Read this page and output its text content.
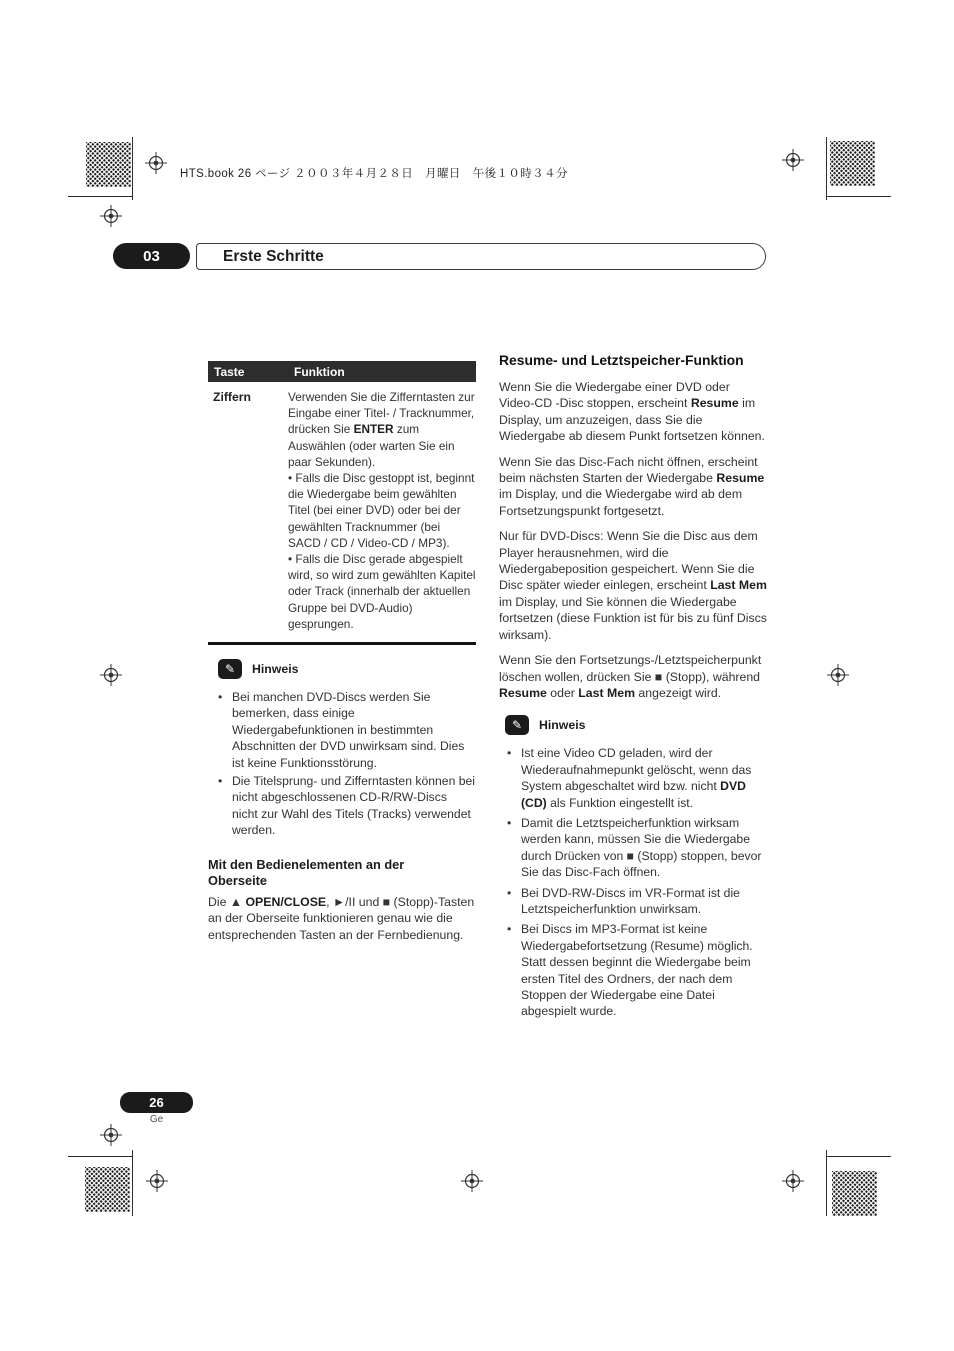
HTS.book 26 ページ ２００３年４月２８日　月曜日　午後１０時３４分
03	Erste Schritte
Taste	Funktion
Ziffern	Verwenden Sie die Zifferntasten zur Eingabe einer Titel- / Tracknummer, drücken Sie ENTER zum Auswählen (oder warten Sie ein paar Sekunden).

• Falls die Disc gestoppt ist, beginnt die Wiedergabe beim gewählten Titel (bei einer DVD) oder bei der gewählten Tracknummer (bei SACD / CD / Video-CD / MP3).

• Falls die Disc gerade abgespielt wird, so wird zum gewählten Kapitel oder Track (innerhalb der aktuellen Gruppe bei DVD-Audio) gesprungen.

✎	Hinweis
• Bei manchen DVD-Discs werden Sie bemerken, dass einige Wiedergabefunktionen in bestimmten Abschnitten der DVD unwirksam sind. Dies ist keine Funktionsstörung.
• Die Titelsprung- und Zifferntasten können bei nicht abgeschlossenen CD-R/RW-Discs nicht zur Wahl des Titels (Tracks) verwendet werden.
Mit den Bedienelementen an der Oberseite

Die ▲ OPEN/CLOSE, ►/II und ■ (Stopp)-Tasten an der Oberseite funktionieren genau wie die entsprechenden Tasten an der Fernbedienung.

Resume- und Letztspeicher-Funktion

Wenn Sie die Wiedergabe einer DVD oder Video-CD -Disc stoppen, erscheint Resume im Display, um anzuzeigen, dass Sie die Wiedergabe ab diesem Punkt fortsetzen können.

Wenn Sie das Disc-Fach nicht öffnen, erscheint beim nächsten Starten der Wiedergabe Resume im Display, und die Wiedergabe wird ab dem Fortsetzungspunkt fortgesetzt.

Nur für DVD-Discs: Wenn Sie die Disc aus dem Player herausnehmen, wird die Wiedergabeposition gespeichert. Wenn Sie die Disc später wieder einlegen, erscheint Last Mem im Display, und Sie können die Wiedergabe fortsetzen (diese Funktion ist für bis zu fünf Discs wirksam).

Wenn Sie den Fortsetzungs-/Letztspeicherpunkt löschen wollen, drücken Sie ■ (Stopp), während Resume oder Last Mem angezeigt wird.

✎	Hinweis
• Ist eine Video CD geladen, wird der Wiederaufnahmepunkt gelöscht, wenn das System abgeschaltet wird bzw. nicht DVD (CD) als Funktion eingestellt ist.
• Damit die Letztspeicherfunktion wirksam werden kann, müssen Sie die Wiedergabe durch Drücken von ■ (Stopp) stoppen, bevor Sie das Disc-Fach öffnen.
• Bei DVD-RW-Discs im VR-Format ist die Letztspeicherfunktion unwirksam.
• Bei Discs im MP3-Format ist keine Wiedergabefortsetzung (Resume) möglich. Statt dessen beginnt die Wiedergabe beim ersten Titel des Ordners, der nach dem Stoppen der Wiedergabe eine Datei abgespielt wurde.
26
Ge
